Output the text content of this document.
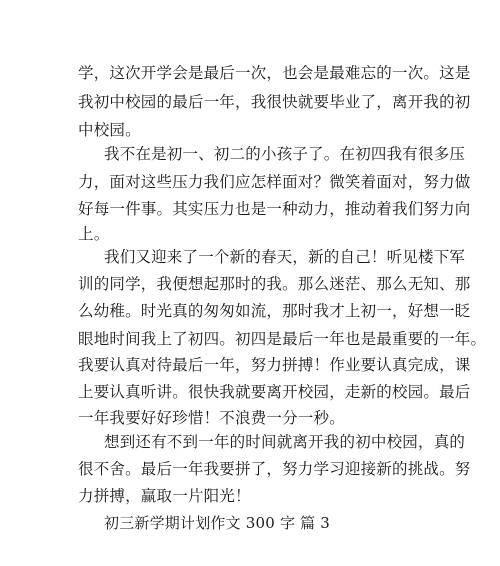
学，这次开学会是最后一次，也会是最难忘的一次。这是
我初中校园的最后一年，我很快就要毕业了，离开我的初
中校园。
我不在是初一、初二的小孩子了。在初四我有很多压
力，面对这些压力我们应怎样面对？微笑着面对，努力做
好每一件事。其实压力也是一种动力，推动着我们努力向
上。
我们又迎来了一个新的春天，新的自己！听见楼下军
训的同学，我便想起那时的我。那么迷茫、那么无知、那
么幼稚。时光真的匆匆如流，那时我才上初一，好想一眨
眼地时间我上了初四。初四是最后一年也是最重要的一年。
我要认真对待最后一年，努力拼搏！作业要认真完成，课
上要认真听讲。很快我就要离开校园，走新的校园。最后
一年我要好好珍惜！不浪费一分一秒。
想到还有不到一年的时间就离开我的初中校园，真的
很不舍。最后一年我要拼了，努力学习迎接新的挑战。努
力拼搏，赢取一片阳光！
初三新学期计划作文 300 字 篇 3
